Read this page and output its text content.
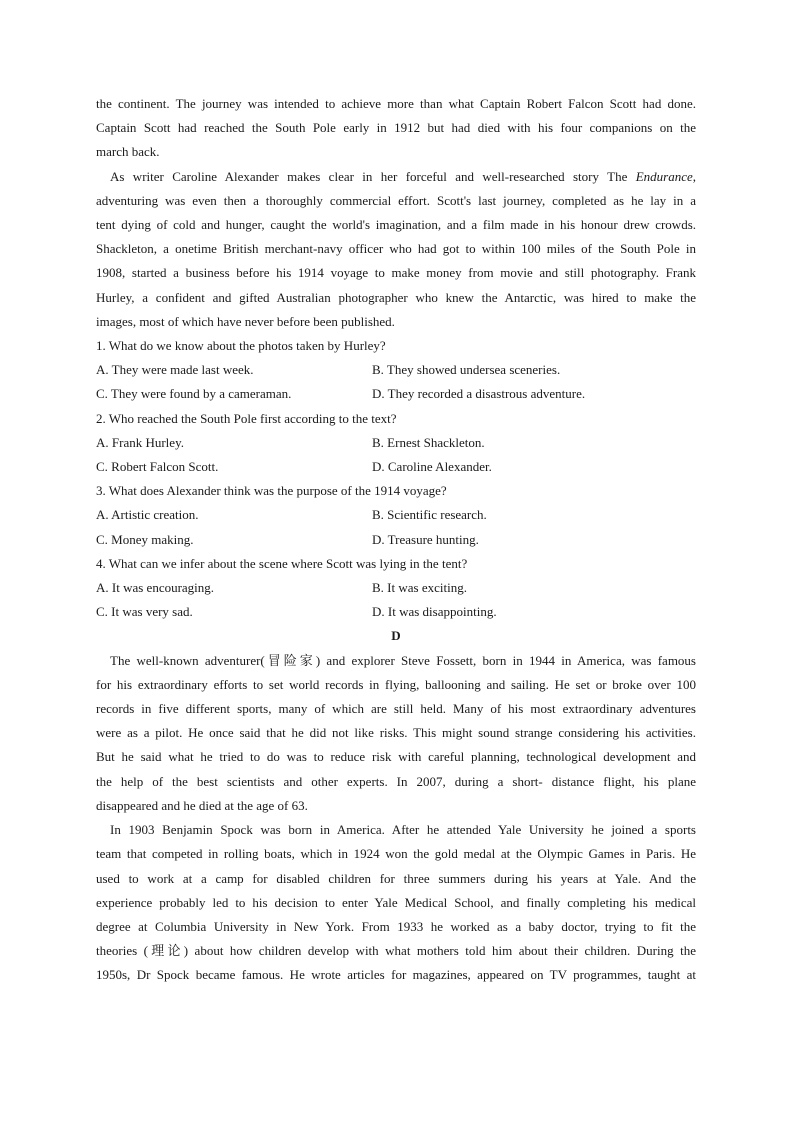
the continent. The journey was intended to achieve more than what Captain Robert Falcon Scott had done.
Captain Scott had reached the South Pole early in 1912 but had died with his four companions on the
march back.
As writer Caroline Alexander makes clear in her forceful and well-researched story The Endurance,
adventuring was even then a thoroughly commercial effort. Scott's last journey, completed as he lay in a
tent dying of cold and hunger, caught the world's imagination, and a film made in his honour drew crowds.
Shackleton, a onetime British merchant-navy officer who had got to within 100 miles of the South Pole in
1908, started a business before his 1914 voyage to make money from movie and still photography. Frank
Hurley, a confident and gifted Australian photographer who knew the Antarctic, was hired to make the
images, most of which have never before been published.
1. What do we know about the photos taken by Hurley?
A. They were made last week.	B. They showed undersea sceneries.
C. They were found by a cameraman.	D. They recorded a disastrous adventure.
2. Who reached the South Pole first according to the text?
A. Frank Hurley.	B. Ernest Shackleton.
C. Robert Falcon Scott.	D. Caroline Alexander.
3. What does Alexander think was the purpose of the 1914 voyage?
A. Artistic creation.	B. Scientific research.
C. Money making.	D. Treasure hunting.
4. What can we infer about the scene where Scott was lying in the tent?
A. It was encouraging.	B. It was exciting.
C. It was very sad.	D. It was disappointing.
D
The well-known adventurer(冒险家) and explorer Steve Fossett, born in 1944 in America, was famous
for his extraordinary efforts to set world records in flying, ballooning and sailing. He set or broke over 100
records in five different sports, many of which are still held. Many of his most extraordinary adventures
were as a pilot. He once said that he did not like risks. This might sound strange considering his activities.
But he said what he tried to do was to reduce risk with careful planning, technological development and
the help of the best scientists and other experts. In 2007, during a short- distance flight, his plane
disappeared and he died at the age of 63.
In 1903 Benjamin Spock was born in America. After he attended Yale University he joined a sports
team that competed in rolling boats, which in 1924 won the gold medal at the Olympic Games in Paris. He
used to work at a camp for disabled children for three summers during his years at Yale. And the
experience probably led to his decision to enter Yale Medical School, and finally completing his medical
degree at Columbia University in New York. From 1933 he worked as a baby doctor, trying to fit the
theories (理论) about how children develop with what mothers told him about their children. During the
1950s, Dr Spock became famous. He wrote articles for magazines, appeared on TV programmes, taught at
